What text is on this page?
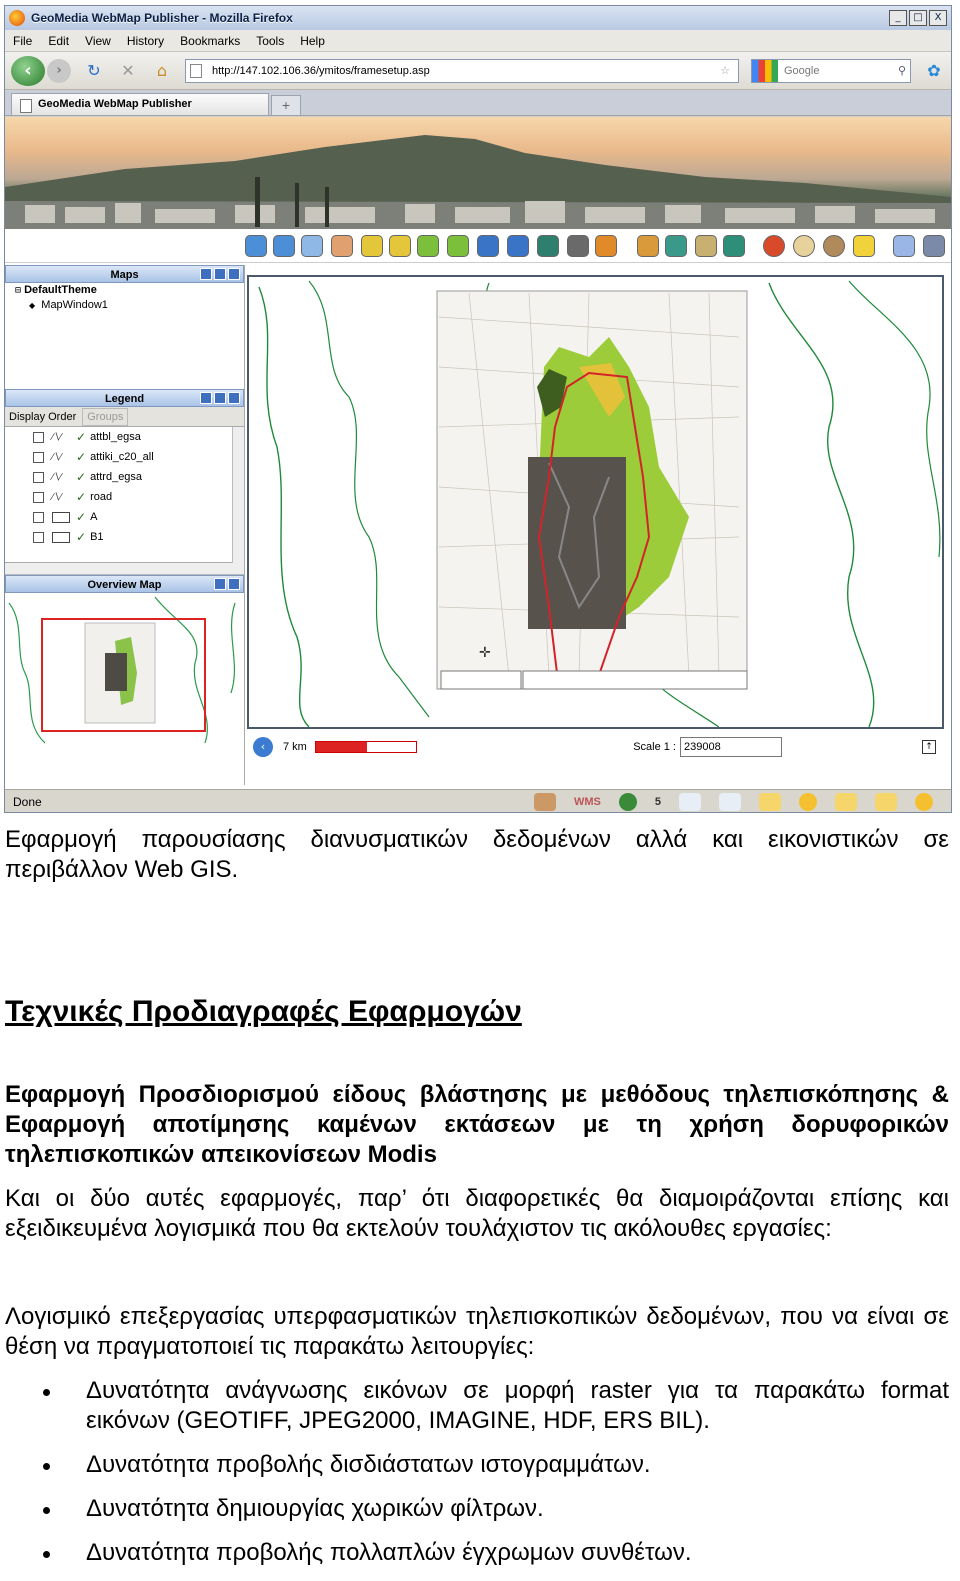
GeoMedia WebMap Publisher - Mozilla Firefox	_	□	X
File Edit View History Bookmarks Tools Help
‹	›	↻ ✕	⌂	http://147.102.106.36/ymitos/framesetup.asp	☆	Google	⚲ ✿
GeoMedia WebMap Publisher	+
Maps
⊟ DefaultTheme
◆ MapWindow1
Legend
Display Order	Groups
∕∖∕	✓ attbl_egsa
∕∖∕	✓ attiki_c20_all
∕∖∕	✓ attrd_egsa
∕∖∕	✓ road
✓ A
✓ B1
Overview Map
✛
‹	7 km	Scale 1 : 239008	↑
Done	WMS	5

Εφαρμογή παρουσίασης διανυσματικών δεδομένων αλλά και εικονιστικών σε περιβάλλον Web GIS.

Τεχνικές Προδιαγραφές Εφαρμογών

Εφαρμογή Προσδιορισμού είδους βλάστησης με μεθόδους τηλεπισκόπησης & Εφαρμογή αποτίμησης καμένων εκτάσεων με τη χρήση δορυφορικών τηλεπισκοπικών απεικονίσεων Modis

Και οι δύο αυτές εφαρμογές, παρ’ ότι διαφορετικές θα διαμοιράζονται επίσης και εξειδικευμένα λογισμικά που θα εκτελούν τουλάχιστον τις ακόλουθες εργασίες:

Λογισμικό επεξεργασίας υπερφασματικών τηλεπισκοπικών δεδομένων, που να είναι σε θέση να πραγματοποιεί τις παρακάτω λειτουργίες:

Δυνατότητα ανάγνωσης εικόνων σε μορφή raster για τα παρακάτω format εικόνων (GEOTIFF, JPEG2000, IMAGINE, HDF, ERS BIL).
Δυνατότητα προβολής δισδιάστατων ιστογραμμάτων.
Δυνατότητα δημιουργίας χωρικών φίλτρων.
Δυνατότητα προβολής πολλαπλών έγχρωμων συνθέτων.
